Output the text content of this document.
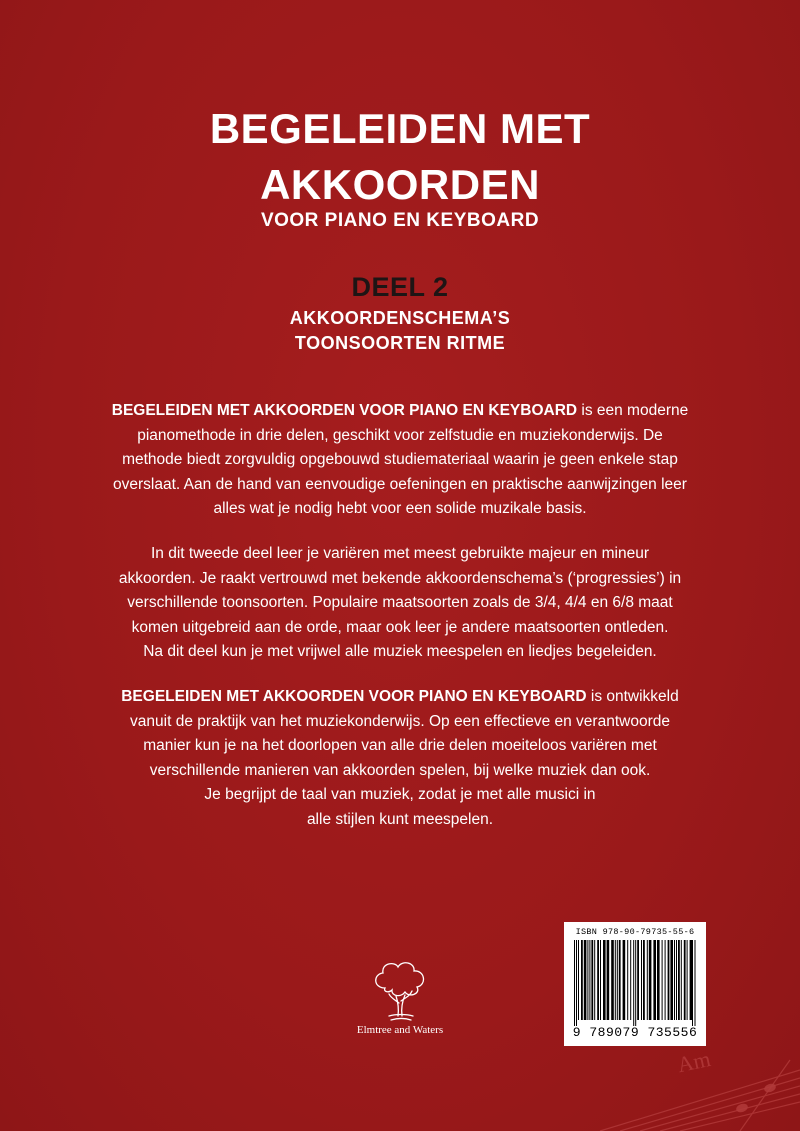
BEGELEIDEN MET
AKKOORDEN
VOOR PIANO EN KEYBOARD
DEEL 2
AKKOORDENSCHEMA’S
TOONSOORTEN RITME
BEGELEIDEN MET AKKOORDEN VOOR PIANO EN KEYBOARD is een moderne
pianomethode in drie delen, geschikt voor zelfstudie en muziekonderwijs. De
methode biedt zorgvuldig opgebouwd studiemateriaal waarin je geen enkele stap
overslaat. Aan de hand van eenvoudige oefeningen en praktische aanwijzingen leer
alles wat je nodig hebt voor een solide muzikale basis.
In dit tweede deel leer je variëren met meest gebruikte majeur en mineur
akkoorden. Je raakt vertrouwd met bekende akkoordenschema’s (‘progressies’) in
verschillende toonsoorten. Populaire maatsoorten zoals de 3/4, 4/4 en 6/8 maat
komen uitgebreid aan de orde, maar ook leer je andere maatsoorten ontleden.
Na dit deel kun je met vrijwel alle muziek meespelen en liedjes begeleiden.
BEGELEIDEN MET AKKOORDEN VOOR PIANO EN KEYBOARD is ontwikkeld
vanuit de praktijk van het muziekonderwijs. Op een effectieve en verantwoorde
manier kun je na het doorlopen van alle drie delen moeiteloos variëren met
verschillende manieren van akkoorden spelen, bij welke muziek dan ook.
Je begrijpt de taal van muziek, zodat je met alle musici in
alle stijlen kunt meespelen.
Elmtree and Waters
ISBN 978-90-79735-55-6
9 789079 735556
Am
